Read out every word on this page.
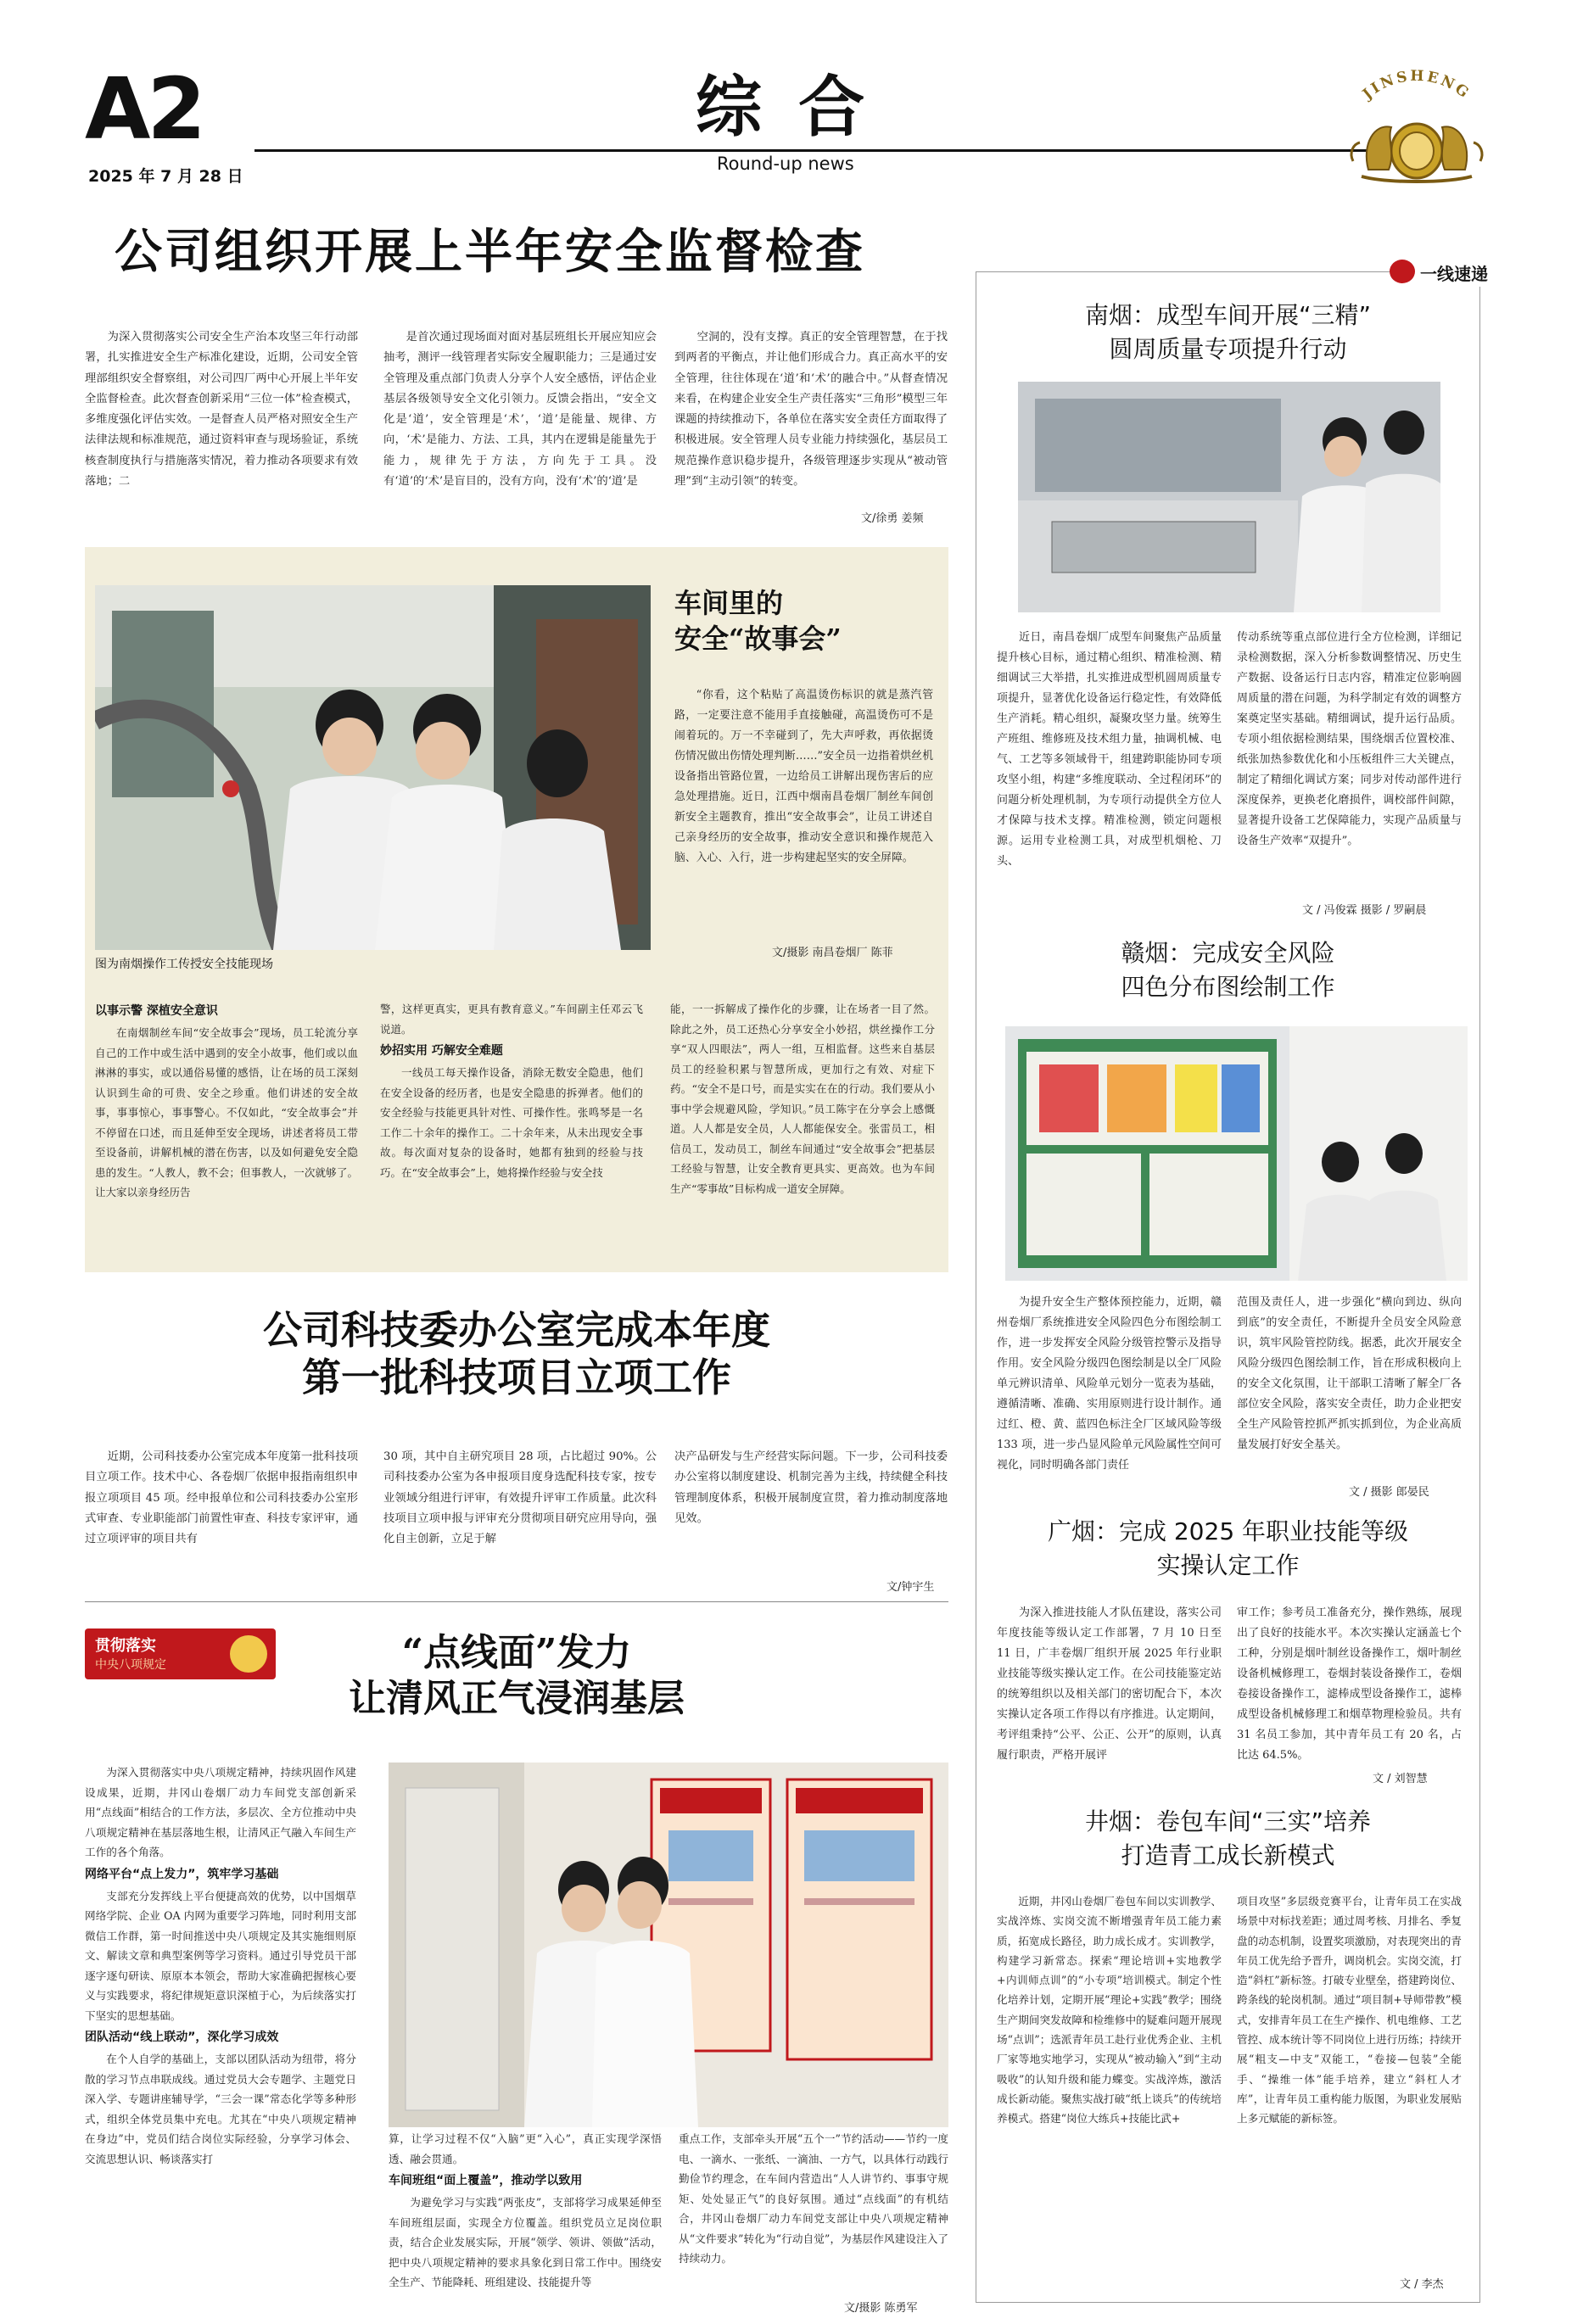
A2
2025 年 7 月 28 日
综 合
Round-up news
JINSHENG
公司组织开展上半年安全监督检查
为深入贯彻落实公司安全生产治本攻坚三年行动部署，扎实推进安全生产标准化建设，近期，公司安全管理部组织安全督察组，对公司四厂两中心开展上半年安全监督检查。此次督查创新采用“三位一体”检查模式，多维度强化评估实效。一是督查人员严格对照安全生产法律法规和标准规范，通过资料审查与现场验证，系统核查制度执行与措施落实情况，着力推动各项要求有效落地；二
是首次通过现场面对面对基层班组长开展应知应会抽考，测评一线管理者实际安全履职能力；三是通过安全管理及重点部门负责人分享个人安全感悟，评估企业基层各级领导安全文化引领力。反馈会指出，“安全文化是‘道’，安全管理是‘术’，‘道’是能量、规律、方向，‘术’是能力、方法、工具，其内在逻辑是能量先于能力，规律先于方法，方向先于工具。没有‘道’的‘术’是盲目的，没有方向，没有‘术’的‘道’是
空洞的，没有支撑。真正的安全管理智慧，在于找到两者的平衡点，并让他们形成合力。真正高水平的安全管理，往往体现在‘道’和‘术’的融合中。”从督查情况来看，在构建企业安全生产责任落实“三角形”模型三年课题的持续推动下，各单位在落实安全责任方面取得了积极进展。安全管理人员专业能力持续强化，基层员工规范操作意识稳步提升，各级管理逐步实现从“被动管理”到“主动引领”的转变。
文/徐勇 姜频
图为南烟操作工传授安全技能现场
车间里的
安全“故事会”
“你看，这个粘贴了高温烫伤标识的就是蒸汽管路，一定要注意不能用手直接触碰，高温烫伤可不是闹着玩的。万一不幸碰到了，先大声呼救，再依据烫伤情况做出伤情处理判断……”安全员一边指着烘丝机设备指出管路位置，一边给员工讲解出现伤害后的应急处理措施。近日，江西中烟南昌卷烟厂制丝车间创新安全主题教育，推出“安全故事会”，让员工讲述自己亲身经历的安全故事，推动安全意识和操作规范入脑、入心、入行，进一步构建起坚实的安全屏障。
文/摄影 南昌卷烟厂 陈菲
以事示警 深植安全意识
在南烟制丝车间“安全故事会”现场，员工轮流分享自己的工作中或生活中遇到的安全小故事，他们或以血淋淋的事实，或以通俗易懂的感悟，让在场的员工深刻认识到生命的可贵、安全之珍重。他们讲述的安全故事，事事惊心，事事警心。不仅如此，“安全故事会”并不停留在口述，而且延伸至安全现场，讲述者将员工带至设备前，讲解机械的潜在伤害，以及如何避免安全隐患的发生。“人教人，教不会；但事教人，一次就够了。让大家以亲身经历告
警，这样更真实，更具有教育意义。”车间副主任邓云飞说道。
妙招实用 巧解安全难题
一线员工每天操作设备，消除无数安全隐患，他们在安全设备的经历者，也是安全隐患的拆弹者。他们的安全经验与技能更具针对性、可操作性。张鸣琴是一名工作二十余年的操作工。二十余年来，从未出现安全事故。每次面对复杂的设备时，她都有独到的经验与技巧。在“安全故事会”上，她将操作经验与安全技
能，一一拆解成了操作化的步骤，让在场者一目了然。除此之外，员工还热心分享安全小妙招，烘丝操作工分享“双人四眼法”，两人一组，互相监督。这些来自基层员工的经验积累与智慧所成，更加行之有效、对症下药。“安全不是口号，而是实实在在的行动。我们要从小事中学会规避风险，学知识。”员工陈宇在分享会上感慨道。人人都是安全员，人人都能保安全。张雷员工，相信员工，发动员工，制丝车间通过“安全故事会”把基层工经验与智慧，让安全教育更具实、更高效。也为车间生产“零事故”目标构成一道安全屏障。
公司科技委办公室完成本年度
第一批科技项目立项工作
近期，公司科技委办公室完成本年度第一批科技项目立项工作。技术中心、各卷烟厂依据申报指南组织申报立项项目 45 项。经申报单位和公司科技委办公室形式审查、专业职能部门前置性审查、科技专家评审，通过立项评审的项目共有
30 项，其中自主研究项目 28 项，占比超过 90%。公司科技委办公室为各申报项目度身选配科技专家，按专业领域分组进行评审，有效提升评审工作质量。此次科技项目立项申报与评审充分贯彻项目研究应用导向，强化自主创新，立足于解
决产品研发与生产经营实际问题。下一步，公司科技委办公室将以制度建设、机制完善为主线，持续健全科技管理制度体系，积极开展制度宣贯，着力推动制度落地见效。
文/钟宇生
贯彻落实
中央八项规定	“点线面”发力
让清风正气浸润基层
为深入贯彻落实中央八项规定精神，持续巩固作风建设成果，近期，井冈山卷烟厂动力车间党支部创新采用“点线面”相结合的工作方法，多层次、全方位推动中央八项规定精神在基层落地生根，让清风正气融入车间生产工作的各个角落。
网络平台“点上发力”，筑牢学习基础
支部充分发挥线上平台便捷高效的优势，以中国烟草网络学院、企业 OA 内网为重要学习阵地，同时利用支部微信工作群，第一时间推送中央八项规定及其实施细则原文、解读文章和典型案例等学习资料。通过引导党员干部逐字逐句研读、原原本本领会，帮助大家准确把握核心要义与实践要求，将纪律规矩意识深植于心，为后续落实打下坚实的思想基础。
团队活动“线上联动”，深化学习成效
在个人自学的基础上，支部以团队活动为纽带，将分散的学习节点串联成线。通过党员大会专题学、主题党日深入学、专题讲座辅导学，“三会一课”常态化学等多种形式，组织全体党员集中充电。尤其在“中央八项规定精神在身边”中，党员们结合岗位实际经验，分享学习体会、交流思想认识、畅谈落实打
算，让学习过程不仅“入脑”更“入心”，真正实现学深悟透、融会贯通。
车间班组“面上覆盖”，推动学以致用
为避免学习与实践“两张皮”，支部将学习成果延伸至车间班组层面，实现全方位覆盖。组织党员立足岗位职责，结合企业发展实际，开展“领学、领讲、领做”活动，把中央八项规定精神的要求具象化到日常工作中。围绕安全生产、节能降耗、班组建设、技能提升等
重点工作，支部牵头开展“五个一”节约活动——节约一度电、一滴水、一张纸、一滴油、一方气，以具体行动践行勤俭节约理念，在车间内营造出“人人讲节约、事事守规矩、处处显正气”的良好氛围。通过“点线面”的有机结合，井冈山卷烟厂动力车间党支部让中央八项规定精神从“文件要求”转化为“行动自觉”，为基层作风建设注入了持续动力。
文/摄影 陈勇军
一线速递
南烟：成型车间开展“三精”
圆周质量专项提升行动
近日，南昌卷烟厂成型车间聚焦产品质量提升核心目标，通过精心组织、精准检测、精细调试三大举措，扎实推进成型机圆周质量专项提升，显著优化设备运行稳定性，有效降低生产消耗。精心组织，凝聚攻坚力量。统筹生产班组、维修班及技术组力量，抽调机械、电气、工艺等多领域骨干，组建跨职能协同专项攻坚小组，构建“多维度联动、全过程闭环”的问题分析处理机制，为专项行动提供全方位人才保障与技术支撑。精准检测，锁定问题根源。运用专业检测工具，对成型机烟枪、刀头、
传动系统等重点部位进行全方位检测，详细记录检测数据，深入分析参数调整情况、历史生产数据、设备运行日志内容，精准定位影响圆周质量的潜在问题，为科学制定有效的调整方案奠定坚实基础。精细调试，提升运行品质。专项小组依据检测结果，围绕烟舌位置校准、纸张加热参数优化和小压板组件三大关键点，制定了精细化调试方案；同步对传动部件进行深度保养，更换老化磨损件，调校部件间隙，显著提升设备工艺保障能力，实现产品质量与设备生产效率“双提升”。
文 / 冯俊霖 摄影 / 罗嗣晨
赣烟：完成安全风险
四色分布图绘制工作
为提升安全生产整体预控能力，近期，赣州卷烟厂系统推进安全风险四色分布图绘制工作，进一步发挥安全风险分级管控警示及指导作用。安全风险分级四色图绘制是以全厂风险单元辨识清单、风险单元划分一览表为基础，遵循清晰、准确、实用原则进行设计制作。通过红、橙、黄、蓝四色标注全厂区域风险等级 133 项，进一步凸显风险单元风险属性空间可视化，同时明确各部门责任
范围及责任人，进一步强化“横向到边、纵向到底”的安全责任，不断提升全员安全风险意识，筑牢风险管控防线。据悉，此次开展安全风险分级四色图绘制工作，旨在形成积极向上的安全文化氛围，让干部职工清晰了解全厂各部位安全风险，落实安全责任，助力企业把安全生产风险管控抓严抓实抓到位，为企业高质量发展打好安全基关。
文 / 摄影 郎晏民
广烟：完成 2025 年职业技能等级
实操认定工作
为深入推进技能人才队伍建设，落实公司年度技能等级认定工作部署，7 月 10 日至 11 日，广丰卷烟厂组织开展 2025 年行业职业技能等级实操认定工作。在公司技能鉴定站的统筹组织以及相关部门的密切配合下，本次实操认定各项工作得以有序推进。认定期间，考评组秉持“公平、公正、公开”的原则，认真履行职责，严格开展评
审工作；参考员工准备充分，操作熟练，展现出了良好的技能水平。本次实操认定涵盖七个工种，分别是烟叶制丝设备操作工，烟叶制丝设备机械修理工，卷烟封装设备操作工，卷烟卷接设备操作工，滤棒成型设备操作工，滤棒成型设备机械修理工和烟草物理检验员。共有 31 名员工参加，其中青年员工有 20 名，占比达 64.5%。
文 / 刘智慧
井烟：卷包车间“三实”培养
打造青工成长新模式
近期，井冈山卷烟厂卷包车间以实训教学、实战淬炼、实岗交流不断增强青年员工能力素质，拓宽成长路径，助力成长成才。实训教学，构建学习新常态。探索“理论培训+实地教学+内训师点训”的“小专项”培训模式。制定个性化培养计划，定期开展“理论+实践”教学；围绕生产期间突发故障和检维修中的疑难问题开展现场“点训”；选派青年员工赴行业优秀企业、主机厂家等地实地学习，实现从“被动输入”到“主动吸收”的认知升级和能力蝶变。实战淬炼，激活成长新动能。聚焦实战打破“纸上谈兵”的传统培养模式。搭建“岗位大练兵+技能比武+
项目攻坚”多层级竞赛平台，让青年员工在实战场景中对标找差距；通过周考核、月排名、季复盘的动态机制，设置奖项激励，对表现突出的青年员工优先给予晋升，调岗机会。实岗交流，打造“斜杠”新标签。打破专业壁垒，搭建跨岗位、跨条线的轮岗机制。通过“项目制+导师带教”模式，安排青年员工在生产操作、机电维修、工艺管控、成本统计等不同岗位上进行历练；持续开展“粗支—中支”双能工，“卷接—包装”全能手、“操维一体”能手培养，建立“斜杠人才库”，让青年员工重构能力版图，为职业发展贴上多元赋能的新标签。
文 / 李杰
